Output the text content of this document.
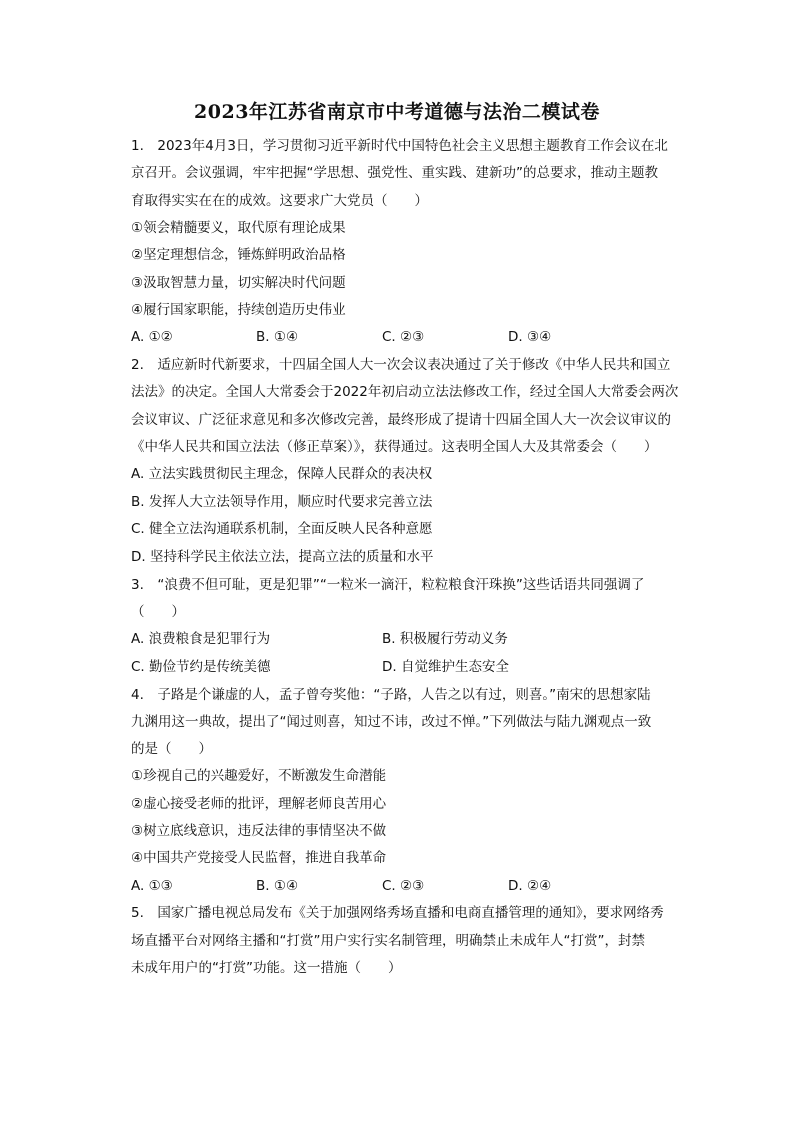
2023年江苏省南京市中考道德与法治二模试卷
1.　2023年4月3日，学习贯彻习近平新时代中国特色社会主义思想主题教育工作会议在北
京召开。会议强调，牢牢把握“学思想、强党性、重实践、建新功”的总要求，推动主题教
育取得实实在在的成效。这要求广大党员（　　）
①领会精髓要义，取代原有理论成果
②坚定理想信念，锤炼鲜明政治品格
③汲取智慧力量，切实解决时代问题
④履行国家职能，持续创造历史伟业
A. ①②	B. ①④	C. ②③	D. ③④
2.　适应新时代新要求，十四届全国人大一次会议表决通过了关于修改《中华人民共和国立
法法》的决定。全国人大常委会于2022年初启动立法法修改工作，经过全国人大常委会两次
会议审议、广泛征求意见和多次修改完善，最终形成了提请十四届全国人大一次会议审议的
《中华人民共和国立法法（修正草案）》，获得通过。这表明全国人大及其常委会（　　）
A. 立法实践贯彻民主理念，保障人民群众的表决权
B. 发挥人大立法领导作用，顺应时代要求完善立法
C. 健全立法沟通联系机制，全面反映人民各种意愿
D. 坚持科学民主依法立法，提高立法的质量和水平
3.　“浪费不但可耻，更是犯罪”“一粒米一滴汗，粒粒粮食汗珠换”这些话语共同强调了
（　　）
A. 浪费粮食是犯罪行为	B. 积极履行劳动义务
C. 勤俭节约是传统美德	D. 自觉维护生态安全
4.　子路是个谦虚的人，孟子曾夸奖他：“子路，人告之以有过，则喜。”南宋的思想家陆
九渊用这一典故，提出了“闻过则喜，知过不讳，改过不惮。”下列做法与陆九渊观点一致
的是（　　）
①珍视自己的兴趣爱好，不断激发生命潜能
②虚心接受老师的批评，理解老师良苦用心
③树立底线意识，违反法律的事情坚决不做
④中国共产党接受人民监督，推进自我革命
A. ①③	B. ①④	C. ②③	D. ②④
5.　国家广播电视总局发布《关于加强网络秀场直播和电商直播管理的通知》，要求网络秀
场直播平台对网络主播和“打赏”用户实行实名制管理，明确禁止未成年人“打赏”，封禁
未成年用户的“打赏”功能。这一措施（　　）
